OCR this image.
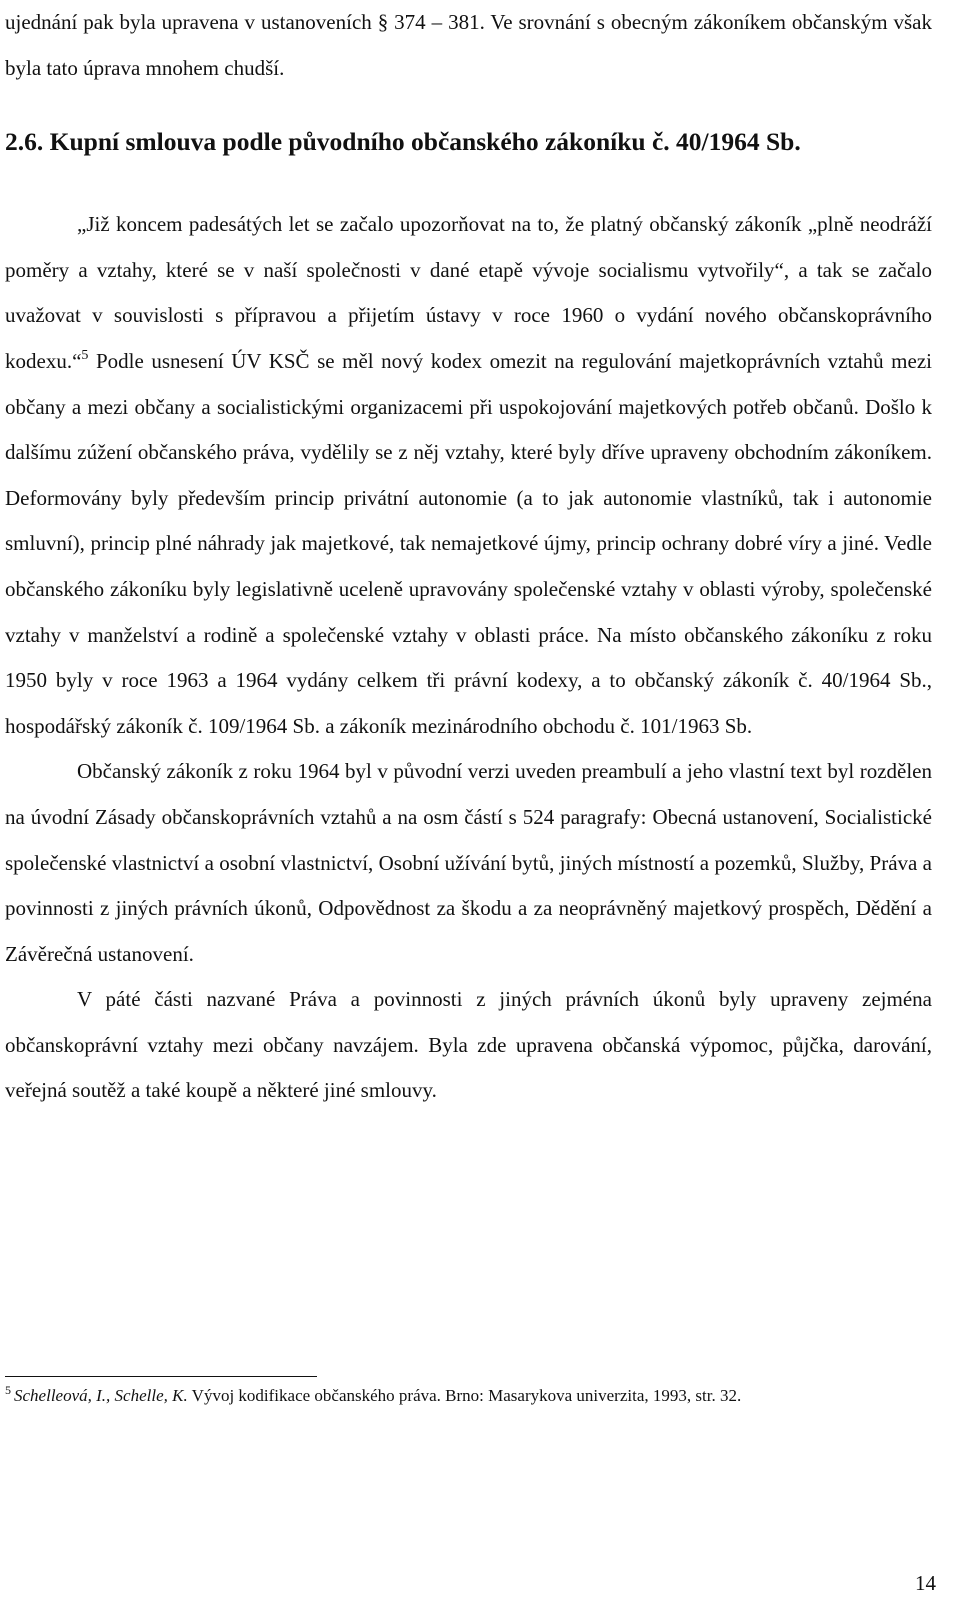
ujednání pak byla upravena v ustanoveních § 374 – 381. Ve srovnání s obecným zákoníkem občanským však byla tato úprava mnohem chudší.

2.6. Kupní smlouva podle původního občanského zákoníku č. 40/1964 Sb.

„Již koncem padesátých let se začalo upozorňovat na to, že platný občanský zákoník „plně neodráží poměry a vztahy, které se v naší společnosti v dané etapě vývoje socialismu vytvořily“, a tak se začalo uvažovat v souvislosti s přípravou a přijetím ústavy v roce 1960 o vydání nového občanskoprávního kodexu.“$^5$ Podle usnesení ÚV KSČ se měl nový kodex omezit na regulování majetkoprávních vztahů mezi občany a mezi občany a socialistickými organizacemi při uspokojování majetkových potřeb občanů. Došlo k dalšímu zúžení občanského práva, vydělily se z něj vztahy, které byly dříve upraveny obchodním zákoníkem. Deformovány byly především princip privátní autonomie (a to jak autonomie vlastníků, tak i autonomie smluvní), princip plné náhrady jak majetkové, tak nemajetkové újmy, princip ochrany dobré víry a jiné. Vedle občanského zákoníku byly legislativně uceleně upravovány společenské vztahy v oblasti výroby, společenské vztahy v manželství a rodině a společenské vztahy v oblasti práce. Na místo občanského zákoníku z roku 1950 byly v roce 1963 a 1964 vydány celkem tři právní kodexy, a to občanský zákoník č. 40/1964 Sb., hospodářský zákoník č. 109/1964 Sb. a zákoník mezinárodního obchodu č. 101/1963 Sb.

Občanský zákoník z roku 1964 byl v původní verzi uveden preambulí a jeho vlastní text byl rozdělen na úvodní Zásady občanskoprávních vztahů a na osm částí s 524 paragrafy: Obecná ustanovení, Socialistické společenské vlastnictví a osobní vlastnictví, Osobní užívání bytů, jiných místností a pozemků, Služby, Práva a povinnosti z jiných právních úkonů, Odpovědnost za škodu a za neoprávněný majetkový prospěch, Dědění a Závěrečná ustanovení.

V páté části nazvané Práva a povinnosti z jiných právních úkonů byly upraveny zejména občanskoprávní vztahy mezi občany navzájem. Byla zde upravena občanská výpomoc, půjčka, darování, veřejná soutěž a také koupě a některé jiné smlouvy.

$^5$ Schelleová, I., Schelle, K. Vývoj kodifikace občanského práva. Brno: Masarykova univerzita, 1993, str. 32.

14
